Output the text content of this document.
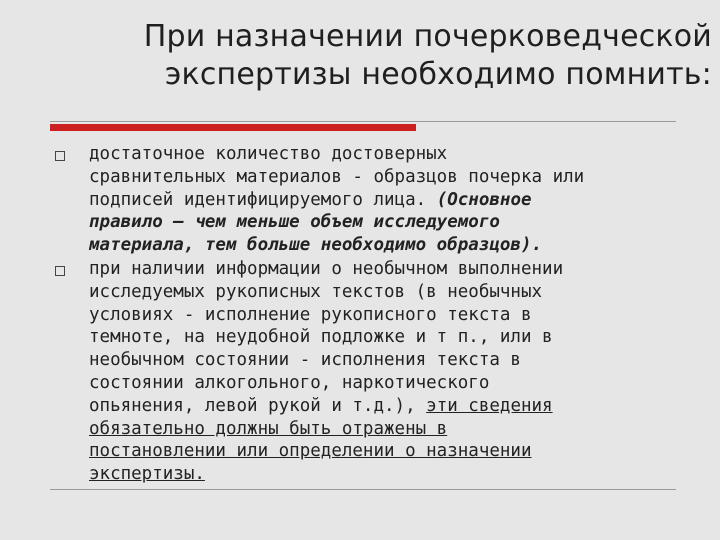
При назначении почерковедческой
экспертизы необходимо помнить:
достаточное количество достоверных
сравнительных материалов - образцов почерка или
подписей идентифицируемого лица. (Основное
правило – чем меньше объем исследуемого
материала, тем больше необходимо образцов).
при наличии информации о необычном выполнении
исследуемых рукописных текстов (в необычных
условиях - исполнение рукописного текста в
темноте, на неудобной подложке и т п., или в
необычном состоянии - исполнения текста в
состоянии алкогольного, наркотического
опьянения, левой рукой и т.д.), эти сведения
обязательно должны быть отражены в
постановлении или определении о назначении
экспертизы.
